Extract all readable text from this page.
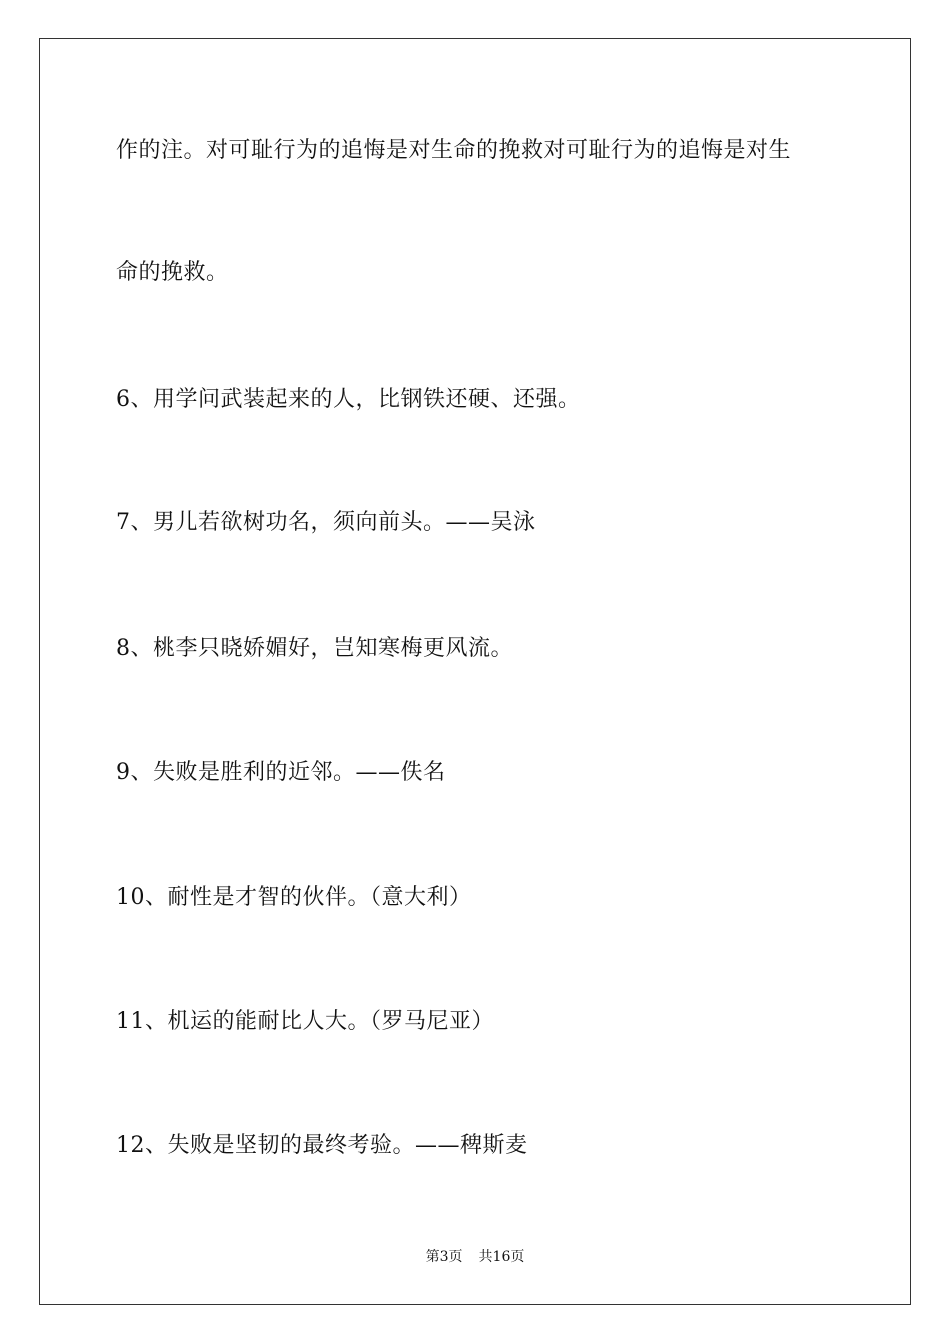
作的注。对可耻行为的追悔是对生命的挽救对可耻行为的追悔是对生
命的挽救。
6、用学问武装起来的人，比钢铁还硬、还强。
7、男儿若欲树功名，须向前头。——吴泳
8、桃李只晓娇媚好，岂知寒梅更风流。
9、失败是胜利的近邻。——佚名
10、耐性是才智的伙伴。（意大利）
11、机运的能耐比人大。（罗马尼亚）
12、失败是坚韧的最终考验。——稗斯麦
第3页 共16页
